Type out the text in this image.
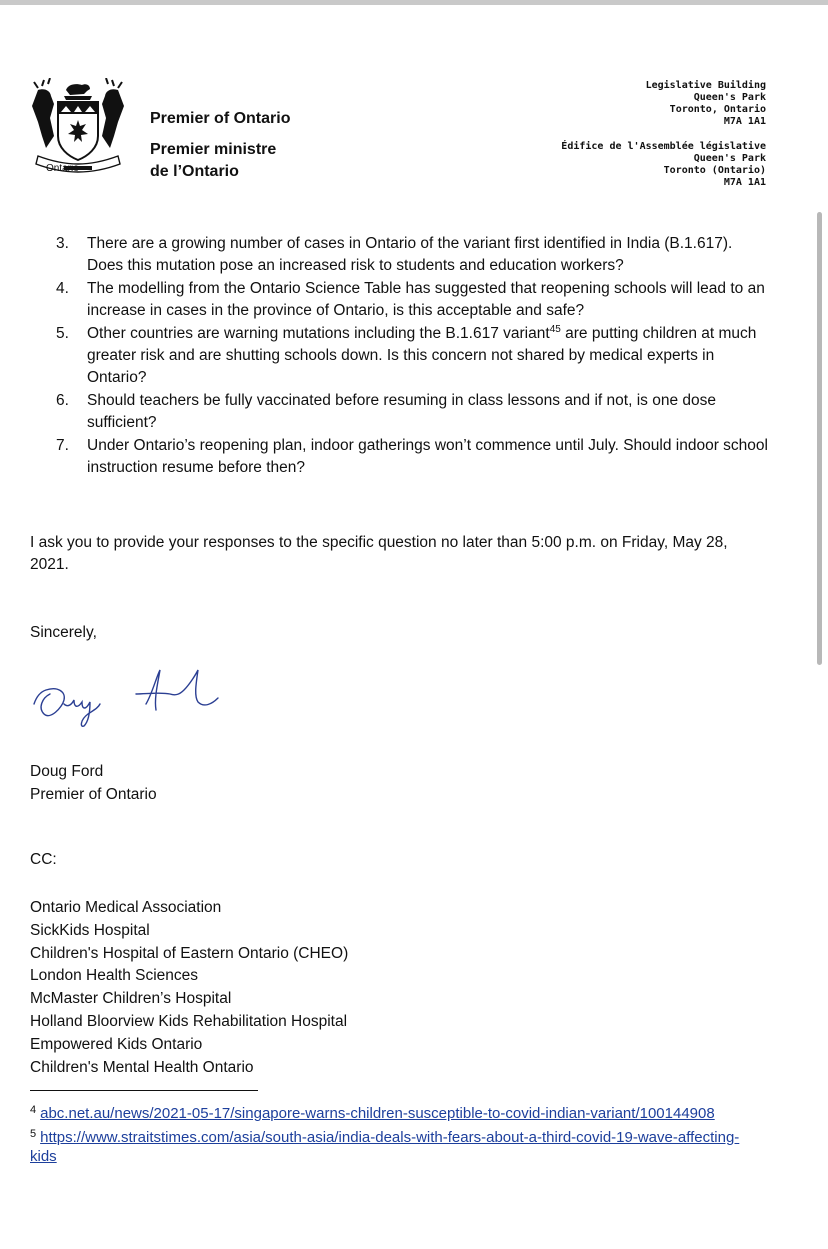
Ontario
Premier of Ontario
Premier ministre
de l’Ontario
Legislative Building
Queen's Park
Toronto, Ontario
M7A 1A1
Édifice de l'Assemblée législative
Queen's Park
Toronto (Ontario)
M7A 1A1
3. There are a growing number of cases in Ontario of the variant first identified in India (B.1.617). Does this mutation pose an increased risk to students and education workers?
4. The modelling from the Ontario Science Table has suggested that reopening schools will lead to an increase in cases in the province of Ontario, is this acceptable and safe?
5. Other countries are warning mutations including the B.1.617 variant$^{45}$ are putting children at much greater risk and are shutting schools down. Is this concern not shared by medical experts in Ontario?
6. Should teachers be fully vaccinated before resuming in class lessons and if not, is one dose sufficient?
7. Under Ontario’s reopening plan, indoor gatherings won’t commence until July. Should indoor school instruction resume before then?
I ask you to provide your responses to the specific question no later than 5:00 p.m. on Friday, May 28, 2021.
Sincerely,
Doug Ford
Premier of Ontario
CC:
Ontario Medical Association
SickKids Hospital
Children's Hospital of Eastern Ontario (CHEO)
London Health Sciences
McMaster Children’s Hospital
Holland Bloorview Kids Rehabilitation Hospital
Empowered Kids Ontario
Children's Mental Health Ontario
$^4$ abc.net.au/news/2021-05-17/singapore-warns-children-susceptible-to-covid-indian-variant/100144908
$^5$ https://www.straitstimes.com/asia/south-asia/india-deals-with-fears-about-a-third-covid-19-wave-affecting-kids
